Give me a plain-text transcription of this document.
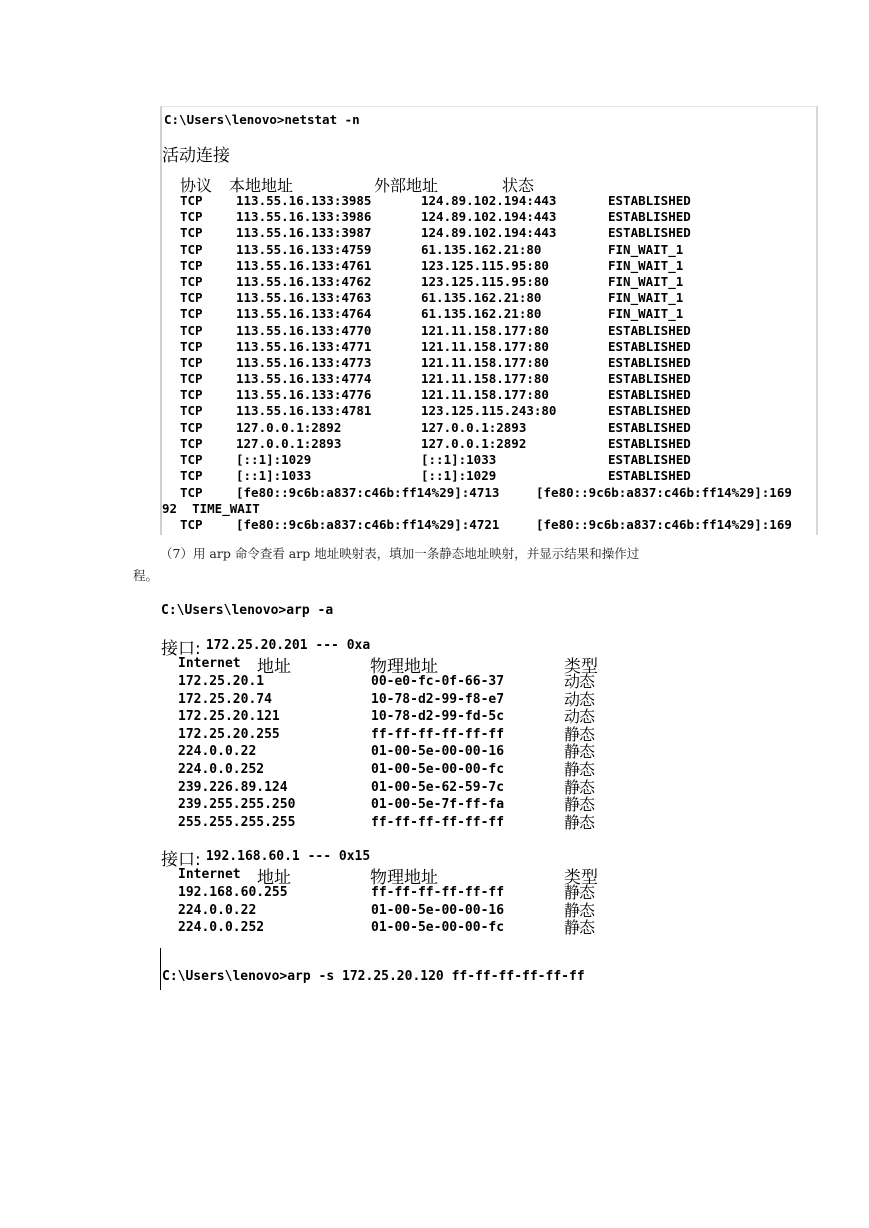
C:\Users\lenovo>netstat -n
活动连接
协议 本地地址	外部地址	状态
TCP	113.55.16.133:3985	124.89.102.194:443	ESTABLISHED
TCP	113.55.16.133:3986	124.89.102.194:443	ESTABLISHED
TCP	113.55.16.133:3987	124.89.102.194:443	ESTABLISHED
TCP	113.55.16.133:4759	61.135.162.21:80	FIN_WAIT_1
TCP	113.55.16.133:4761	123.125.115.95:80	FIN_WAIT_1
TCP	113.55.16.133:4762	123.125.115.95:80	FIN_WAIT_1
TCP	113.55.16.133:4763	61.135.162.21:80	FIN_WAIT_1
TCP	113.55.16.133:4764	61.135.162.21:80	FIN_WAIT_1
TCP	113.55.16.133:4770	121.11.158.177:80	ESTABLISHED
TCP	113.55.16.133:4771	121.11.158.177:80	ESTABLISHED
TCP	113.55.16.133:4773	121.11.158.177:80	ESTABLISHED
TCP	113.55.16.133:4774	121.11.158.177:80	ESTABLISHED
TCP	113.55.16.133:4776	121.11.158.177:80	ESTABLISHED
TCP	113.55.16.133:4781	123.125.115.243:80	ESTABLISHED
TCP	127.0.0.1:2892	127.0.0.1:2893	ESTABLISHED
TCP	127.0.0.1:2893	127.0.0.1:2892	ESTABLISHED
TCP	[::1]:1029	[::1]:1033	ESTABLISHED
TCP	[::1]:1033	[::1]:1029	ESTABLISHED
TCP	[fe80::9c6b:a837:c46b:ff14%29]:4713	[fe80::9c6b:a837:c46b:ff14%29]:169
92  TIME_WAIT
TCP	[fe80::9c6b:a837:c46b:ff14%29]:4721	[fe80::9c6b:a837:c46b:ff14%29]:169
（7）用 arp 命令查看 arp 地址映射表，填加一条静态地址映射，并显示结果和操作过
程。
C:\Users\lenovo>arp -a
接口:
172.25.20.201 --- 0xa
Internet 地址	物理地址	类型
172.25.20.1	00-e0-fc-0f-66-37	动态
172.25.20.74	10-78-d2-99-f8-e7	动态
172.25.20.121	10-78-d2-99-fd-5c	动态
172.25.20.255	ff-ff-ff-ff-ff-ff	静态
224.0.0.22	01-00-5e-00-00-16	静态
224.0.0.252	01-00-5e-00-00-fc	静态
239.226.89.124	01-00-5e-62-59-7c	静态
239.255.255.250	01-00-5e-7f-ff-fa	静态
255.255.255.255	ff-ff-ff-ff-ff-ff	静态
接口:
192.168.60.1 --- 0x15
Internet 地址	物理地址	类型
192.168.60.255	ff-ff-ff-ff-ff-ff	静态
224.0.0.22	01-00-5e-00-00-16	静态
224.0.0.252	01-00-5e-00-00-fc	静态
C:\Users\lenovo>arp -s 172.25.20.120 ff-ff-ff-ff-ff-ff
